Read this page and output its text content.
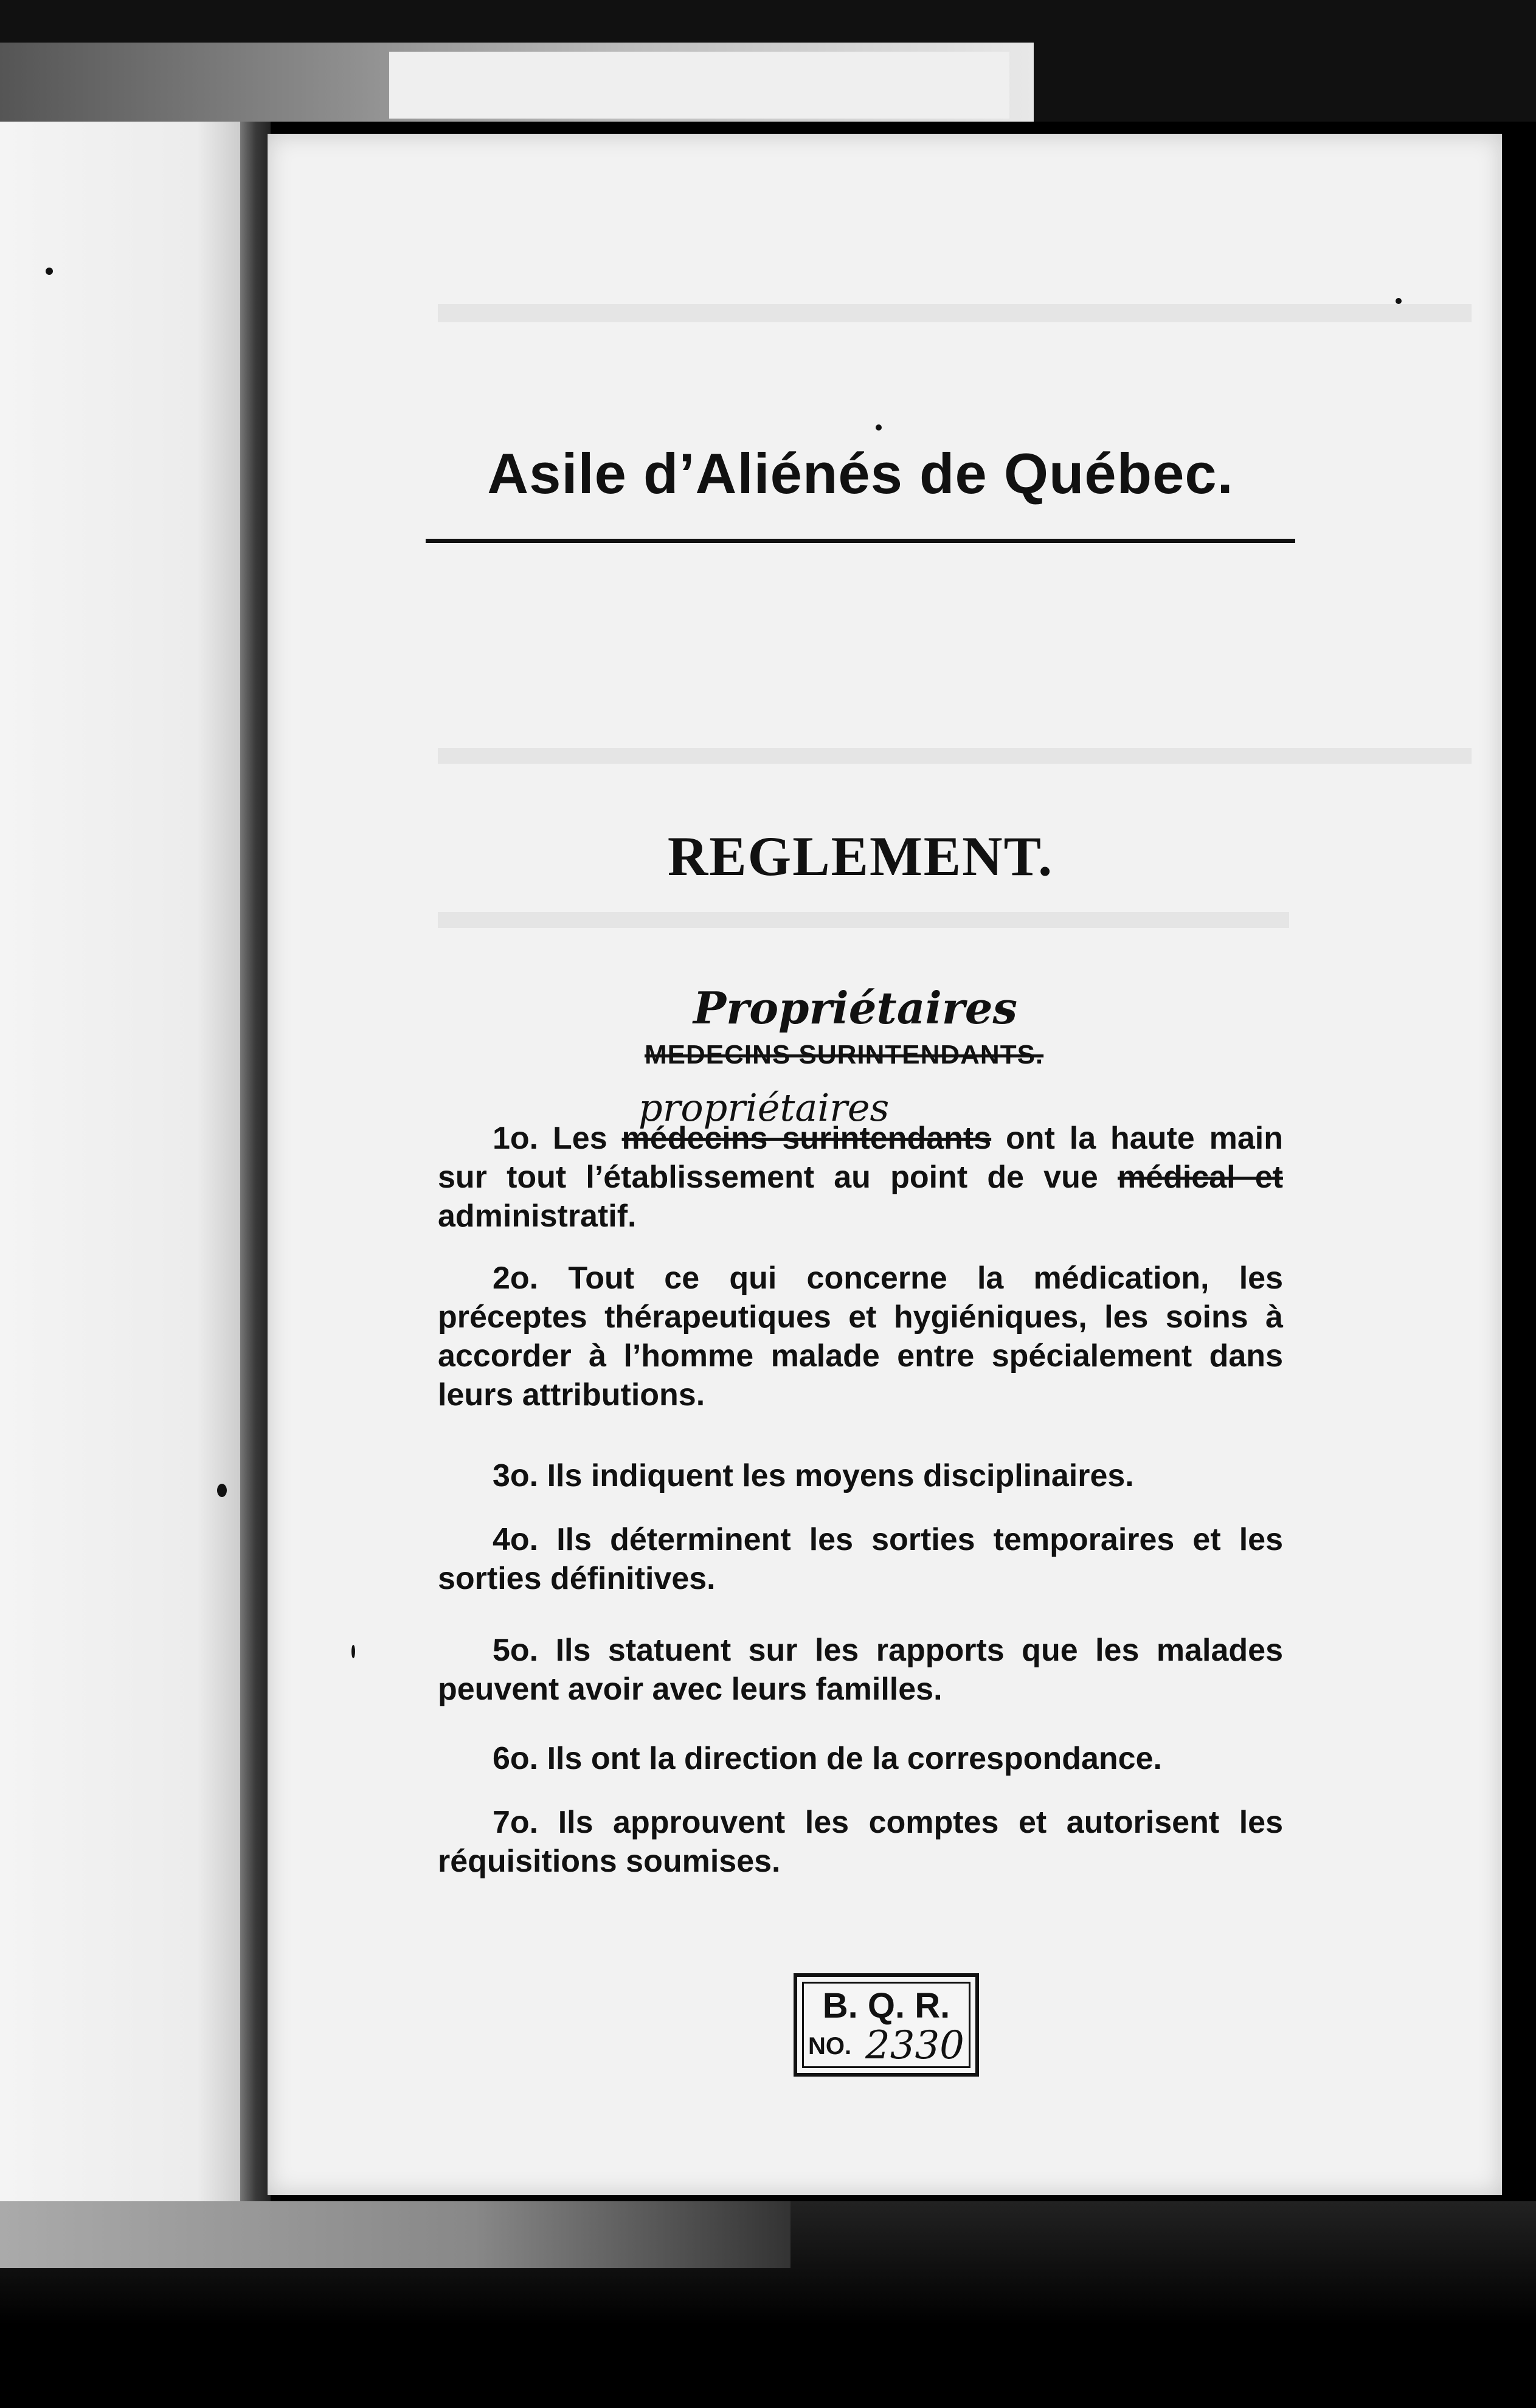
Asile d’Aliénés de Québec.
REGLEMENT.
Propriétaires
MEDECINS SURINTENDANTS.
propriétaires
1o. Les médecins surintendants ont la haute main sur tout l’établissement au point de vue médical et administratif.
2o. Tout ce qui concerne la médication, les préceptes thérapeutiques et hygiéniques, les soins à accorder à l’homme malade entre spécialement dans leurs attributions.
3o. Ils indiquent les moyens disciplinaires.
4o. Ils déterminent les sorties temporaires et les sorties définitives.
5o. Ils statuent sur les rapports que les malades peuvent avoir avec leurs familles.
6o. Ils ont la direction de la correspondance.
7o. Ils approuvent les comptes et autorisent les réquisitions soumises.
B. Q. R.
NO. 2330
